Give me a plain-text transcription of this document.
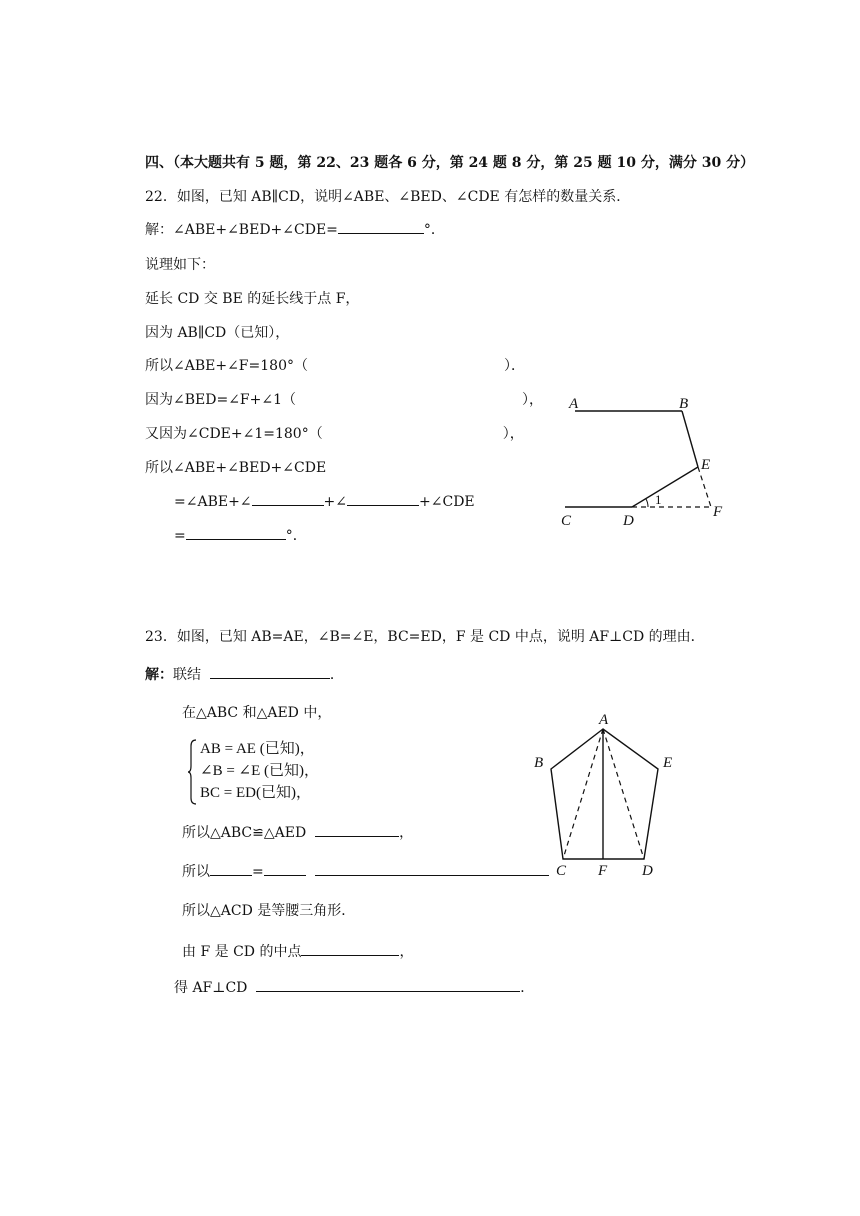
四、（本大题共有 5 题，第 22、23 题各 6 分，第 24 题 8 分，第 25 题 10 分，满分 30 分）
22．如图，已知 AB∥CD，说明∠ABE、∠BED、∠CDE 有怎样的数量关系．
解：∠ABE+∠BED+∠CDE=	°．
说理如下：
延长 CD 交 BE 的延长线于点 F，
因为 AB∥CD（已知），
所以∠ABE+∠F=180°（	）．
因为∠BED=∠F+∠1（	），
又因为∠CDE+∠1=180°（	），
所以∠ABE+∠BED+∠CDE
=∠ABE+∠	+∠	+∠CDE
=	°．
A	B
E
F
C	D
1
23．如图，已知 AB=AE，∠B=∠E，BC=ED，F 是 CD 中点，说明 AF⊥CD 的理由．
解：联结	．
在△ABC 和△AED 中，
AB = AE (已知)，
∠B = ∠E (已知)，
BC = ED(已知)，
所以△ABC≌△AED	，
所以	=
所以△ACD 是等腰三角形．
由 F 是 CD 的中点	，
得 AF⊥CD	．
A
B	E
C F D
